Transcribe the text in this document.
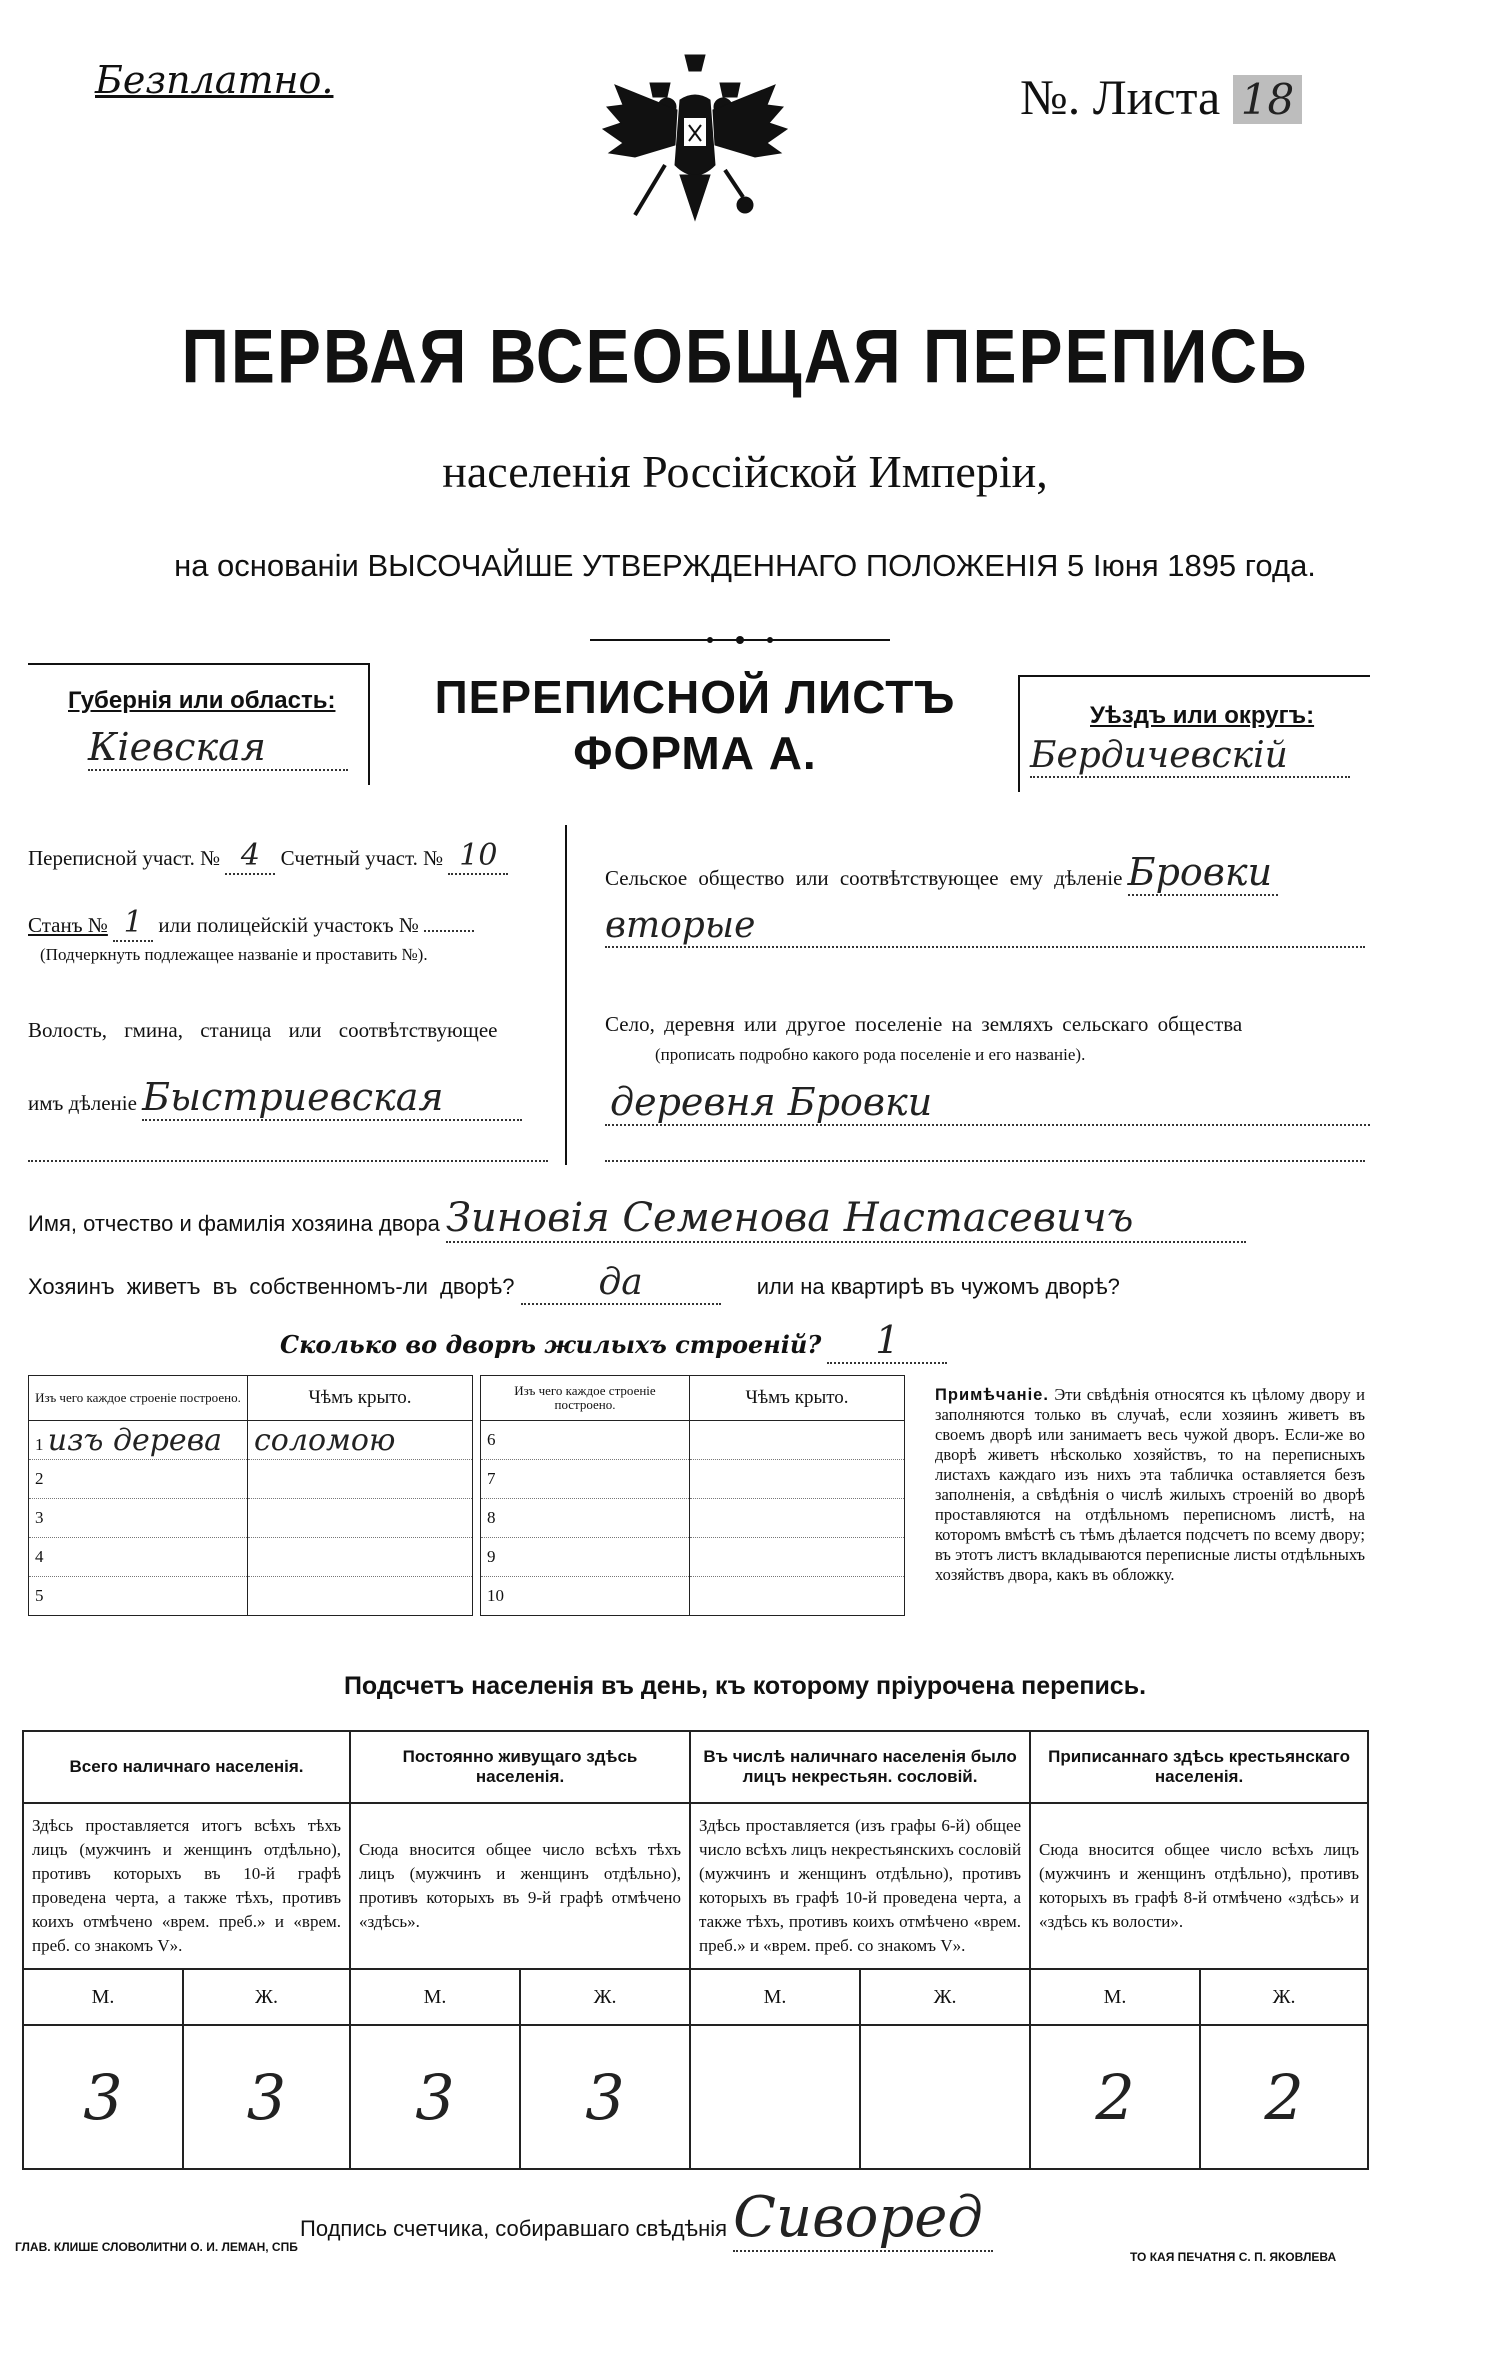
Безплатно.	№. Листа 18
ПЕРВАЯ ВСЕОБЩАЯ ПЕРЕПИСЬ
населенія Россійской Имперіи,
на основаніи ВЫСОЧАЙШЕ УТВЕРЖДЕННАГО ПОЛОЖЕНІЯ 5 Іюня 1895 года.
Губернія или область:
Кіевская
ПЕРЕПИСНОЙ ЛИСТЪ
ФОРМА А.
Уѣздъ или округъ:
Бердичевскій
Переписной участ. № 4 Счетный участ. № 10
Станъ № 1 или полицейскій участокъ №
(Подчеркнуть подлежащее названіе и проставить №).
Волость, гмина, станица или соотвѣтствующее
имъ дѣленіе Быстриевская
Сельское общество или соотвѣтствующее ему дѣленіе Бровки
вторые
Село, деревня или другое поселеніе на земляхъ сельскаго общества
(прописать подробно какого рода поселеніе и его названіе).
деревня Бровки
Имя, отчество и фамилія хозяина двора Зиновія Семенова Настасевичъ
Хозяинъ живетъ въ собственномъ-ли дворѣ? да	или на квартирѣ въ чужомъ дворѣ?
Сколько во дворѣ жилыхъ строеній? 1
Изъ чего каждое строеніе построено.	Чѣмъ крыто.
1 изъ дерева	соломою
2	
3	
4	
5	
Изъ чего каждое строеніе построено.	Чѣмъ крыто.
6	
7	
8	
9	
10	
Примѣчаніе. Эти свѣдѣнія относятся къ цѣлому двору и заполняются только въ случаѣ, если хозяинъ живетъ въ своемъ дворѣ или занимаетъ весь чужой дворъ. Если-же во дворѣ живетъ нѣсколько хозяйствъ, то на переписныхъ листахъ каждаго изъ нихъ эта табличка оставляется безъ заполненія, а свѣдѣнія о числѣ жилыхъ строеній во дворѣ проставляются на отдѣльномъ переписномъ листѣ, на которомъ вмѣстѣ съ тѣмъ дѣлается подсчетъ по всему двору; въ этотъ листъ вкладываются переписные листы отдѣльныхъ хозяйствъ двора, какъ въ обложку.
Подсчетъ населенія въ день, къ которому пріурочена перепись.
Всего наличнаго населенія.		Постоянно живущаго здѣсь населенія.		Въ числѣ наличнаго населенія было лицъ некрестьян. сословій.		Приписаннаго здѣсь крестьянскаго населенія.	
Здѣсь проставляется итогъ всѣхъ тѣхъ лицъ (мужчинъ и женщинъ отдѣльно), противъ которыхъ въ 10-й графѣ проведена черта, а также тѣхъ, противъ коихъ отмѣчено «врем. преб.» и «врем. преб. со знакомъ V».		Сюда вносится общее число всѣхъ тѣхъ лицъ (мужчинъ и женщинъ отдѣльно), противъ которыхъ въ 9-й графѣ отмѣчено «здѣсь».		Здѣсь проставляется (изъ графы 6-й) общее число всѣхъ лицъ некрестьянскихъ сословій (мужчинъ и женщинъ отдѣльно), противъ которыхъ въ графѣ 10-й проведена черта, а также тѣхъ, противъ коихъ отмѣчено «врем. преб.» и «врем. преб. со знакомъ V».		Сюда вносится общее число всѣхъ лицъ (мужчинъ и женщинъ отдѣльно), противъ которыхъ въ графѣ 8-й отмѣчено «здѣсь» и «здѣсь къ волости».	
М.	Ж.	М.	Ж.	М.	Ж.	М.	Ж.
3	3	3	3			2	2
Подпись счетчика, собиравшаго свѣдѣнія Сиворед
ГЛАВ. КЛИШЕ СЛОВОЛИТНИ О. И. ЛЕМАН, СПБ
ТО КАЯ ПЕЧАТНЯ С. П. ЯКОВЛЕВА
